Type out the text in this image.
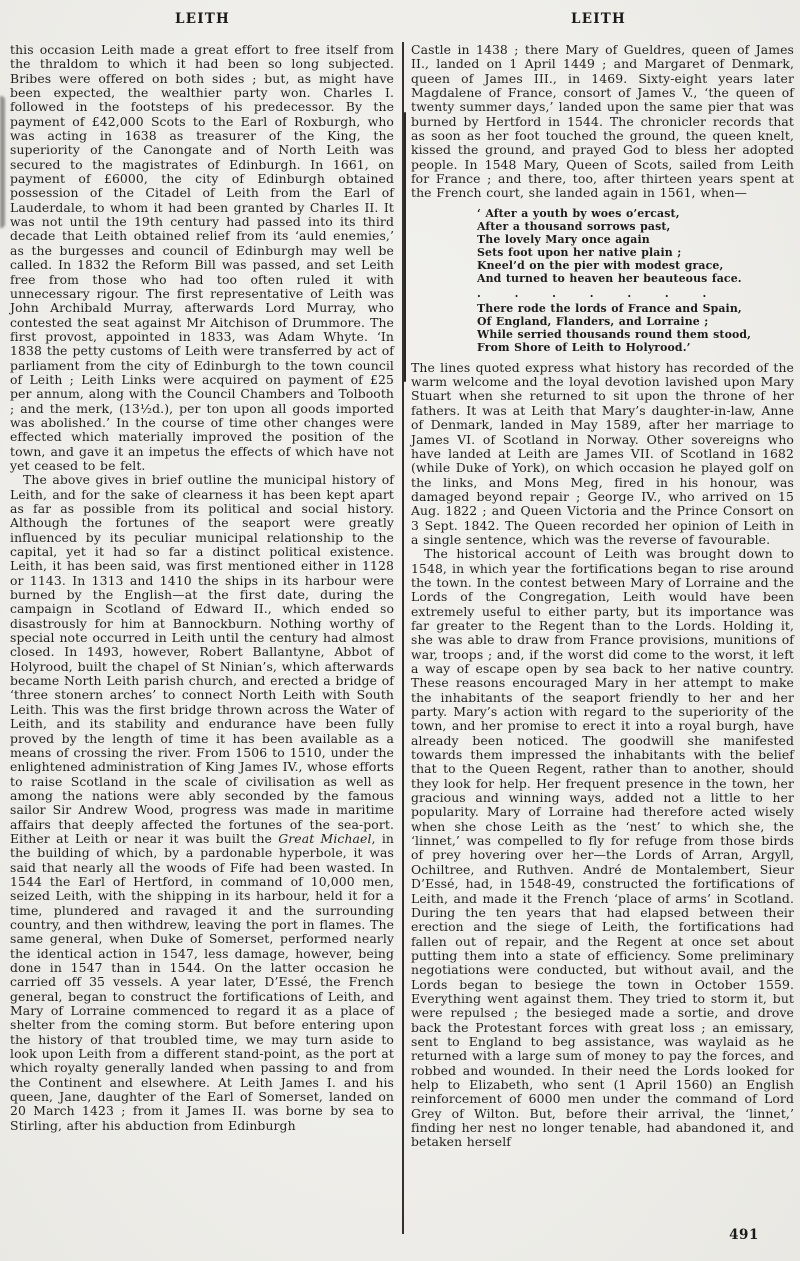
LEITH	LEITH

this occasion Leith made a great effort to free itself from the thraldom to which it had been so long subjected. Bribes were offered on both sides ; but, as might have been expected, the wealthier party won. Charles I. followed in the footsteps of his predecessor. By the payment of £42,000 Scots to the Earl of Roxburgh, who was acting in 1638 as treasurer of the King, the superiority of the Canongate and of North Leith was secured to the magistrates of Edinburgh. In 1661, on payment of £6000, the city of Edinburgh obtained possession of the Citadel of Leith from the Earl of Lauderdale, to whom it had been granted by Charles II. It was not until the 19th century had passed into its third decade that Leith obtained relief from its ‘auld enemies,’ as the burgesses and council of Edinburgh may well be called. In 1832 the Reform Bill was passed, and set Leith free from those who had too often ruled it with unnecessary rigour. The first representative of Leith was John Archibald Murray, afterwards Lord Murray, who contested the seat against Mr Aitchison of Drummore. The first provost, appointed in 1833, was Adam Whyte. ‘In 1838 the petty customs of Leith were transferred by act of parliament from the city of Edinburgh to the town council of Leith ; Leith Links were acquired on payment of £25 per annum, along with the Council Chambers and Tolbooth ; and the merk, (13½d.), per ton upon all goods imported was abolished.’ In the course of time other changes were effected which materially improved the position of the town, and gave it an impetus the effects of which have not yet ceased to be felt.

The above gives in brief outline the municipal history of Leith, and for the sake of clearness it has been kept apart as far as possible from its political and social history. Although the fortunes of the seaport were greatly influenced by its peculiar municipal relationship to the capital, yet it had so far a distinct political existence. Leith, it has been said, was first mentioned either in 1128 or 1143. In 1313 and 1410 the ships in its harbour were burned by the English—at the first date, during the campaign in Scotland of Edward II., which ended so disastrously for him at Bannockburn. Nothing worthy of special note occurred in Leith until the century had almost closed. In 1493, however, Robert Ballantyne, Abbot of Holyrood, built the chapel of St Ninian’s, which afterwards became North Leith parish church, and erected a bridge of ‘three stonern arches’ to connect North Leith with South Leith. This was the first bridge thrown across the Water of Leith, and its stability and endurance have been fully proved by the length of time it has been available as a means of crossing the river. From 1506 to 1510, under the enlightened administration of King James IV., whose efforts to raise Scotland in the scale of civilisation as well as among the nations were ably seconded by the famous sailor Sir Andrew Wood, progress was made in maritime affairs that deeply affected the fortunes of the sea-port. Either at Leith or near it was built the Great Michael, in the building of which, by a pardonable hyperbole, it was said that nearly all the woods of Fife had been wasted. In 1544 the Earl of Hertford, in command of 10,000 men, seized Leith, with the shipping in its harbour, held it for a time, plundered and ravaged it and the surrounding country, and then withdrew, leaving the port in flames. The same general, when Duke of Somerset, performed nearly the identical action in 1547, less damage, however, being done in 1547 than in 1544. On the latter occasion he carried off 35 vessels. A year later, D’Essé, the French general, began to construct the fortifications of Leith, and Mary of Lorraine commenced to regard it as a place of shelter from the coming storm. But before entering upon the history of that troubled time, we may turn aside to look upon Leith from a different stand-point, as the port at which royalty generally landed when passing to and from the Continent and elsewhere. At Leith James I. and his queen, Jane, daughter of the Earl of Somerset, landed on 20 March 1423 ; from it James II. was borne by sea to Stirling, after his abduction from Edinburgh

Castle in 1438 ; there Mary of Gueldres, queen of James II., landed on 1 April 1449 ; and Margaret of Denmark, queen of James III., in 1469. Sixty-eight years later Magdalene of France, consort of James V., ‘the queen of twenty summer days,’ landed upon the same pier that was burned by Hertford in 1544. The chronicler records that as soon as her foot touched the ground, the queen knelt, kissed the ground, and prayed God to bless her adopted people. In 1548 Mary, Queen of Scots, sailed from Leith for France ; and there, too, after thirteen years spent at the French court, she landed again in 1561, when—

‘ After a youth by woes o’ercast,
After a thousand sorrows past,
The lovely Mary once again
Sets foot upon her native plain ;
Kneel’d on the pier with modest grace,
And turned to heaven her beauteous face.
. . . . . . .
There rode the lords of France and Spain,
Of England, Flanders, and Lorraine ;
While serried thousands round them stood,
From Shore of Leith to Holyrood.’

The lines quoted express what history has recorded of the warm welcome and the loyal devotion lavished upon Mary Stuart when she returned to sit upon the throne of her fathers. It was at Leith that Mary’s daughter-in-law, Anne of Denmark, landed in May 1589, after her marriage to James VI. of Scotland in Norway. Other sovereigns who have landed at Leith are James VII. of Scotland in 1682 (while Duke of York), on which occasion he played golf on the links, and Mons Meg, fired in his honour, was damaged beyond repair ; George IV., who arrived on 15 Aug. 1822 ; and Queen Victoria and the Prince Consort on 3 Sept. 1842. The Queen recorded her opinion of Leith in a single sentence, which was the reverse of favourable.

The historical account of Leith was brought down to 1548, in which year the fortifications began to rise around the town. In the contest between Mary of Lorraine and the Lords of the Congregation, Leith would have been extremely useful to either party, but its importance was far greater to the Regent than to the Lords. Holding it, she was able to draw from France provisions, munitions of war, troops ; and, if the worst did come to the worst, it left a way of escape open by sea back to her native country. These reasons encouraged Mary in her attempt to make the inhabitants of the seaport friendly to her and her party. Mary’s action with regard to the superiority of the town, and her promise to erect it into a royal burgh, have already been noticed. The goodwill she manifested towards them impressed the inhabitants with the belief that to the Queen Regent, rather than to another, should they look for help. Her frequent presence in the town, her gracious and winning ways, added not a little to her popularity. Mary of Lorraine had therefore acted wisely when she chose Leith as the ‘nest’ to which she, the ‘linnet,’ was compelled to fly for refuge from those birds of prey hovering over her—the Lords of Arran, Argyll, Ochiltree, and Ruthven. André de Montalembert, Sieur D’Essé, had, in 1548-49, constructed the fortifications of Leith, and made it the French ‘place of arms’ in Scotland. During the ten years that had elapsed between their erection and the siege of Leith, the fortifications had fallen out of repair, and the Regent at once set about putting them into a state of efficiency. Some preliminary negotiations were conducted, but without avail, and the Lords began to besiege the town in October 1559. Everything went against them. They tried to storm it, but were repulsed ; the besieged made a sortie, and drove back the Protestant forces with great loss ; an emissary, sent to England to beg assistance, was waylaid as he returned with a large sum of money to pay the forces, and robbed and wounded. In their need the Lords looked for help to Elizabeth, who sent (1 April 1560) an English reinforcement of 6000 men under the command of Lord Grey of Wilton. But, before their arrival, the ‘linnet,’ finding her nest no longer tenable, had abandoned it, and betaken herself

491
